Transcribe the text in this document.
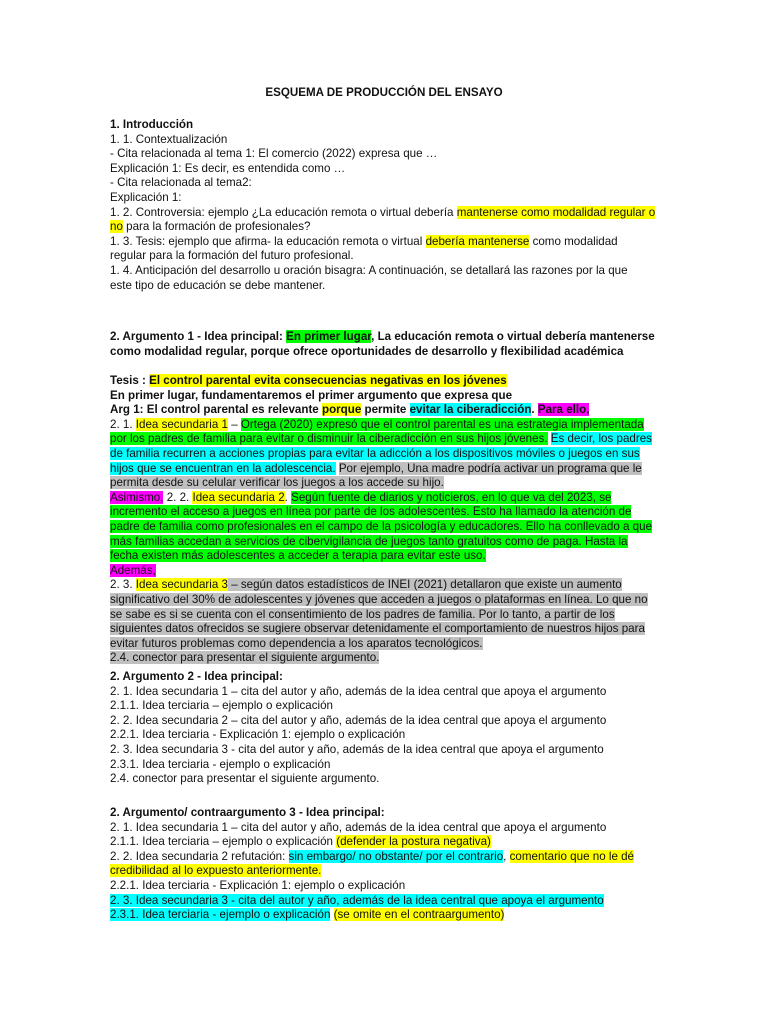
ESQUEMA DE PRODUCCIÓN DEL ENSAYO
1. Introducción
1. 1. Contextualización
- Cita relacionada al tema 1: El comercio (2022) expresa que …
Explicación 1: Es decir, es entendida como …
- Cita relacionada al tema2:
Explicación 1:
1. 2. Controversia: ejemplo ¿La educación remota o virtual debería mantenerse como modalidad regular o
no para la formación de profesionales?
1. 3. Tesis: ejemplo que afirma- la educación remota o virtual debería mantenerse como modalidad
regular para la formación del futuro profesional.
1. 4. Anticipación del desarrollo u oración bisagra: A continuación, se detallará las razones por la que
este tipo de educación se debe mantener.
2. Argumento 1 - Idea principal: En primer lugar, La educación remota o virtual debería mantenerse
como modalidad regular, porque ofrece oportunidades de desarrollo y flexibilidad académica
Tesis : El control parental evita consecuencias negativas en los jóvenes
En primer lugar, fundamentaremos el primer argumento que expresa que
Arg 1: El control parental es relevante porque permite evitar la ciberadicción. Para ello,
2. 1. Idea secundaria 1 – Ortega (2020) expresó que el control parental es una estrategia implementada
por los padres de familia para evitar o disminuir la ciberadicción en sus hijos jóvenes. Es decir, los padres
de familia recurren a acciones propias para evitar la adicción a los dispositivos móviles o juegos en sus
hijos que se encuentran en la adolescencia. Por ejemplo, Una madre podría activar un programa que le
permita desde su celular verificar los juegos a los accede su hijo.
Asimismo, 2. 2. Idea secundaria 2. Según fuente de diarios y noticieros, en lo que va del 2023, se
incremento el acceso a juegos en línea por parte de los adolescentes. Esto ha llamado la atención de
padre de familia como profesionales en el campo de la psicología y educadores. Ello ha conllevado a que
más familias accedan a servicios de cibervigilancia de juegos tanto gratuitos como de paga. Hasta la
fecha existen más adolescentes a acceder a terapia para evitar este uso.
Además,
2. 3. Idea secundaria 3 – según datos estadísticos de INEI (2021) detallaron que existe un aumento
significativo del 30% de adolescentes y jóvenes que acceden a juegos o plataformas en línea. Lo que no
se sabe es si se cuenta con el consentimiento de los padres de familia. Por lo tanto, a partir de los
siguientes datos ofrecidos se sugiere observar detenidamente el comportamiento de nuestros hijos para
evitar futuros problemas como dependencia a los aparatos tecnológicos.
2.4. conector para presentar el siguiente argumento.
2. Argumento 2 - Idea principal:
2. 1. Idea secundaria 1 – cita del autor y año, además de la idea central que apoya el argumento
2.1.1. Idea terciaria – ejemplo o explicación
2. 2. Idea secundaria 2 – cita del autor y año, además de la idea central que apoya el argumento
2.2.1. Idea terciaria - Explicación 1: ejemplo o explicación
2. 3. Idea secundaria 3 - cita del autor y año, además de la idea central que apoya el argumento
2.3.1. Idea terciaria - ejemplo o explicación
2.4. conector para presentar el siguiente argumento.
2. Argumento/ contraargumento 3 - Idea principal:
2. 1. Idea secundaria 1 – cita del autor y año, además de la idea central que apoya el argumento
2.1.1. Idea terciaria – ejemplo o explicación (defender la postura negativa)
2. 2. Idea secundaria 2 refutación: sin embargo/ no obstante/ por el contrario, comentario que no le dé
credibilidad al lo expuesto anteriormente.
2.2.1. Idea terciaria - Explicación 1: ejemplo o explicación
2. 3. Idea secundaria 3 - cita del autor y año, además de la idea central que apoya el argumento
2.3.1. Idea terciaria - ejemplo o explicación (se omite en el contraargumento)
